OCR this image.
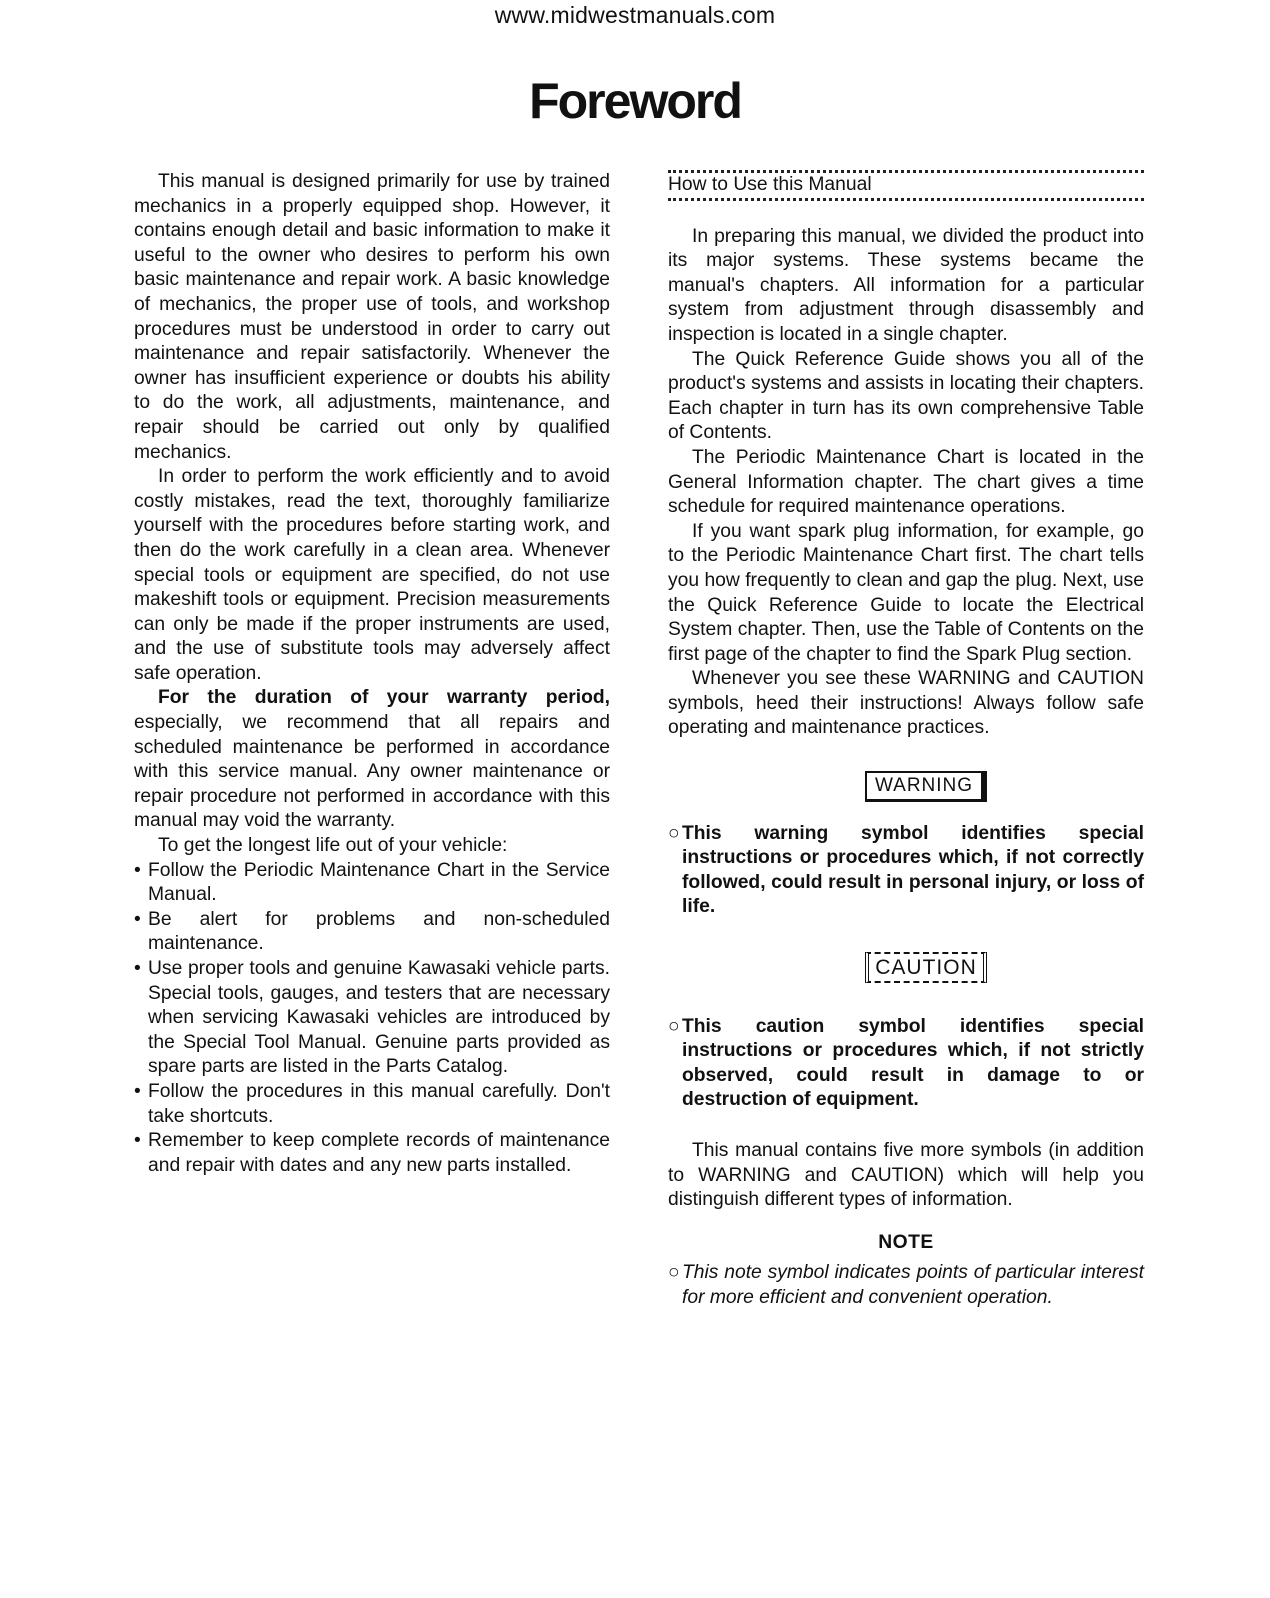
www.midwestmanuals.com
Foreword

This manual is designed primarily for use by trained mechanics in a properly equipped shop. However, it contains enough detail and basic information to make it useful to the owner who desires to perform his own basic maintenance and repair work. A basic knowledge of mechanics, the proper use of tools, and workshop procedures must be understood in order to carry out maintenance and repair satisfactorily. Whenever the owner has insufficient experience or doubts his ability to do the work, all adjustments, maintenance, and repair should be carried out only by qualified mechanics.

In order to perform the work efficiently and to avoid costly mistakes, read the text, thoroughly familiarize yourself with the procedures before starting work, and then do the work carefully in a clean area. Whenever special tools or equipment are specified, do not use makeshift tools or equipment. Precision measurements can only be made if the proper instruments are used, and the use of substitute tools may adversely affect safe operation.

For the duration of your warranty period, especially, we recommend that all repairs and scheduled maintenance be performed in accordance with this service manual. Any owner maintenance or repair procedure not performed in accordance with this manual may void the warranty.

To get the longest life out of your vehicle:

• Follow the Periodic Maintenance Chart in the Service Manual.
• Be alert for problems and non-scheduled maintenance.
• Use proper tools and genuine Kawasaki vehicle parts. Special tools, gauges, and testers that are necessary when servicing Kawasaki vehicles are introduced by the Special Tool Manual. Genuine parts provided as spare parts are listed in the Parts Catalog.
• Follow the procedures in this manual carefully. Don't take shortcuts.
• Remember to keep complete records of maintenance and repair with dates and any new parts installed.

How to Use this Manual

In preparing this manual, we divided the product into its major systems. These systems became the manual's chapters. All information for a particular system from adjustment through disassembly and inspection is located in a single chapter.

The Quick Reference Guide shows you all of the product's systems and assists in locating their chapters. Each chapter in turn has its own comprehensive Table of Contents.

The Periodic Maintenance Chart is located in the General Information chapter. The chart gives a time schedule for required maintenance operations.

If you want spark plug information, for example, go to the Periodic Maintenance Chart first. The chart tells you how frequently to clean and gap the plug. Next, use the Quick Reference Guide to locate the Electrical System chapter. Then, use the Table of Contents on the first page of the chapter to find the Spark Plug section.

Whenever you see these WARNING and CAUTION symbols, heed their instructions! Always follow safe operating and maintenance practices.

WARNING
○ This warning symbol identifies special instructions or procedures which, if not correctly followed, could result in personal injury, or loss of life.
CAUTION
○ This caution symbol identifies special instructions or procedures which, if not strictly observed, could result in damage to or destruction of equipment.

This manual contains five more symbols (in addition to WARNING and CAUTION) which will help you distinguish different types of information.

NOTE

○ This note symbol indicates points of particular interest for more efficient and convenient operation.
